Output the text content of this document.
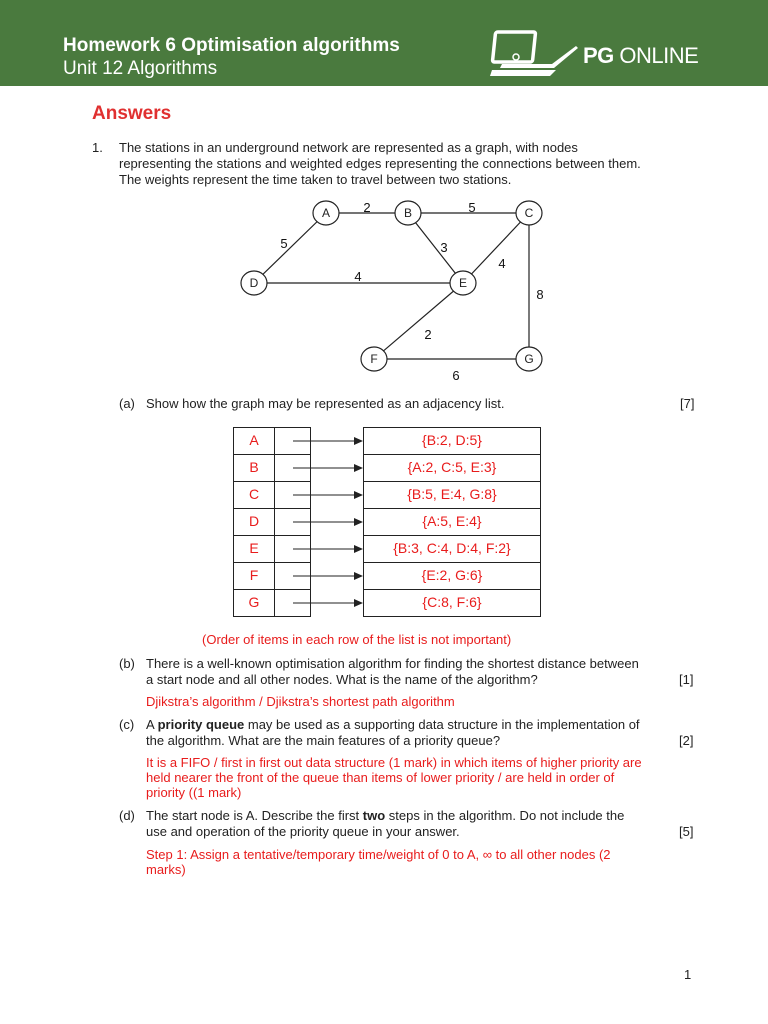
Homework 6 Optimisation algorithms
Unit 12 Algorithms
PG ONLINE
Answers
1. The stations in an underground network are represented as a graph, with nodes
representing the stations and weighted edges representing the connections between them.
The weights represent the time taken to travel between two stations.
2	5
5	3
4
4
8
2
6
A	B	C
D	E
F	G
(a) Show how the graph may be represented as an adjacency list.	[7]
A	{B:2, D:5}
B	{A:2, C:5, E:3}
C	{B:5, E:4, G:8}
D	{A:5, E:4}
E	{B:3, C:4, D:4, F:2}
F	{E:2, G:6}
G	{C:8, F:6}
(Order of items in each row of the list is not important)
(b) There is a well-known optimisation algorithm for finding the shortest distance between
a start node and all other nodes. What is the name of the algorithm?	[1]
Djikstra’s algorithm / Djikstra’s shortest path algorithm
(c) A priority queue may be used as a supporting data structure in the implementation of
the algorithm. What are the main features of a priority queue?	[2]
It is a FIFO / first in first out data structure (1 mark) in which items of higher priority are
held nearer the front of the queue than items of lower priority / are held in order of
priority ((1 mark)
(d) The start node is A. Describe the first two steps in the algorithm. Do not include the
use and operation of the priority queue in your answer.	[5]
Step 1: Assign a tentative/temporary time/weight of 0 to A, ∞ to all other nodes (2
marks)
1
